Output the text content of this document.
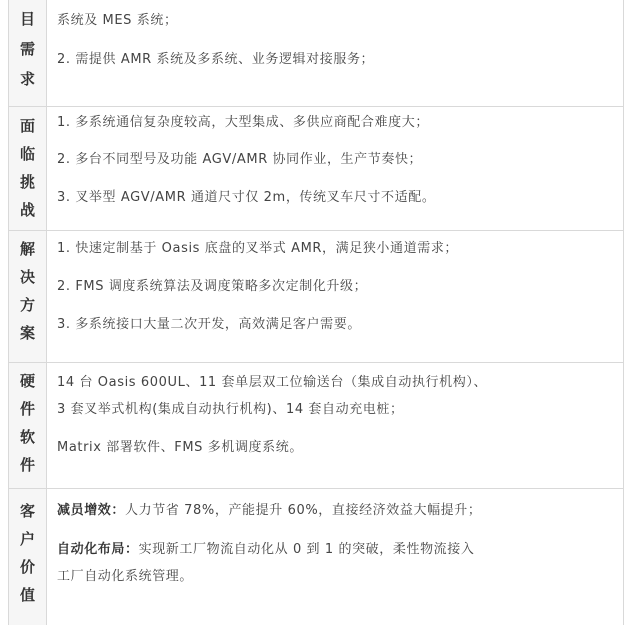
目
需
求
系统及 MES 系统；
2. 需提供 AMR 系统及多系统、业务逻辑对接服务；
面
临
挑
战
1. 多系统通信复杂度较高，大型集成、多供应商配合难度大；
2. 多台不同型号及功能 AGV/AMR 协同作业，生产节奏快；
3. 叉举型 AGV/AMR 通道尺寸仅 2m，传统叉车尺寸不适配。
解
决
方
案
1. 快速定制基于 Oasis 底盘的叉举式 AMR，满足狭小通道需求；
2. FMS 调度系统算法及调度策略多次定制化升级；
3. 多系统接口大量二次开发，高效满足客户需要。
硬
件
软
件
14 台 Oasis 600UL、11 套单层双工位输送台（集成自动执行机构）、
3 套叉举式机构(集成自动执行机构)、14 套自动充电桩；
Matrix 部署软件、FMS 多机调度系统。
客
户
价
值
减员增效：人力节省 78%，产能提升 60%，直接经济效益大幅提升；
自动化布局：实现新工厂物流自动化从 0 到 1 的突破，柔性物流接入
工厂自动化系统管理。
